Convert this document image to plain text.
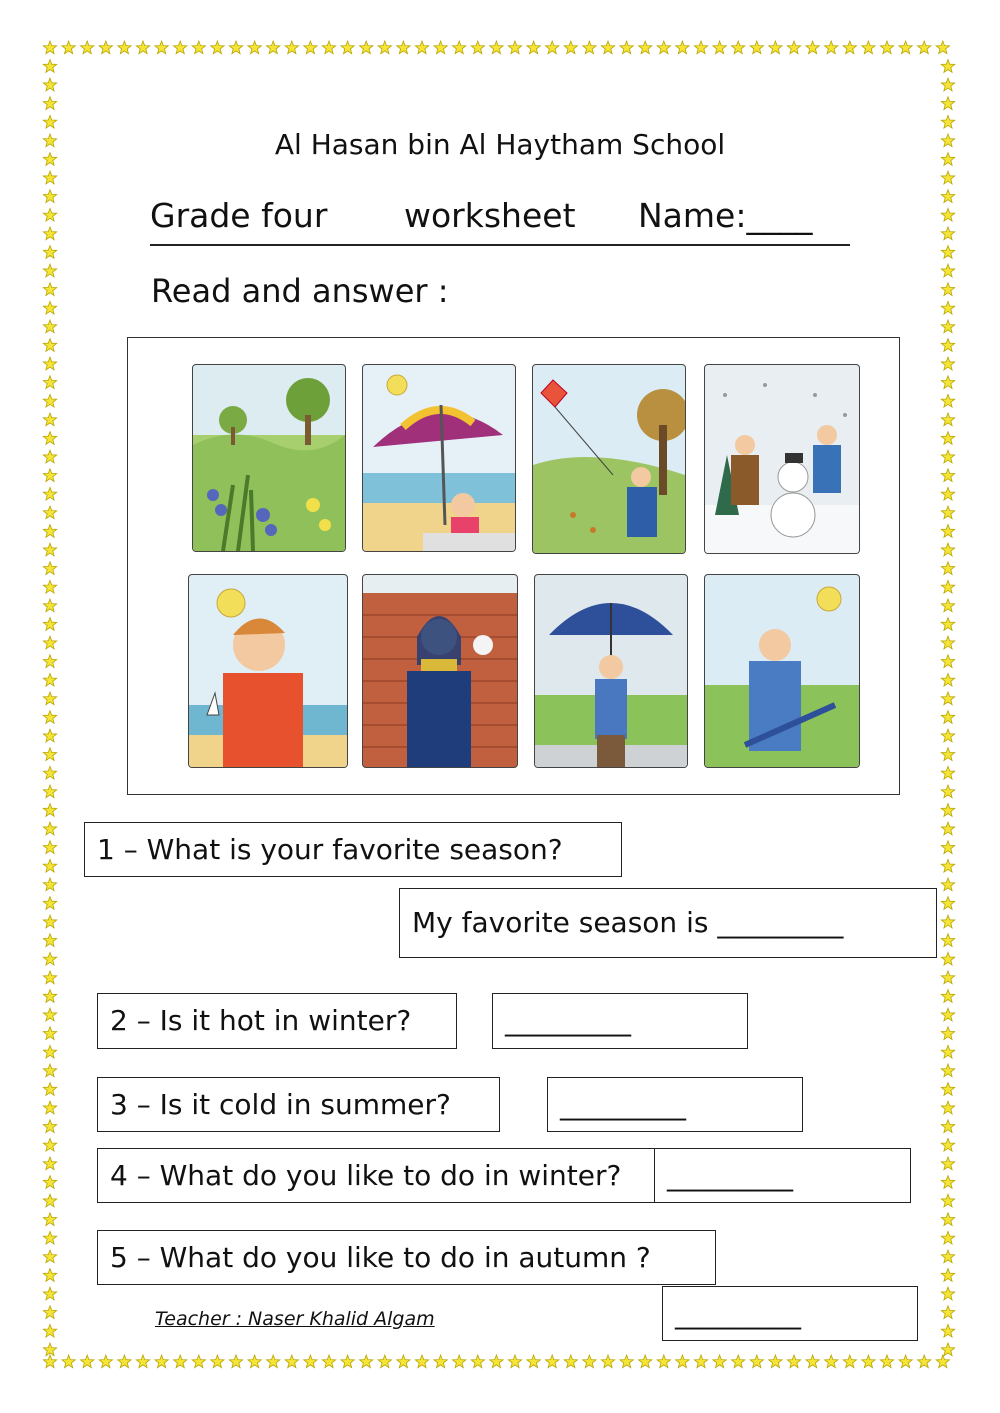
Al Hasan bin Al Haytham School
Grade four worksheet Name:____
Read and answer :
1 – What is your favorite season?
My favorite season is _________
2 – Is it hot in winter?	_________
3 – Is it cold in summer?	_________
4 – What do you like to do in winter? _________
5 – What do you like to do in autumn ?
_________
Teacher : Naser Khalid Algam
